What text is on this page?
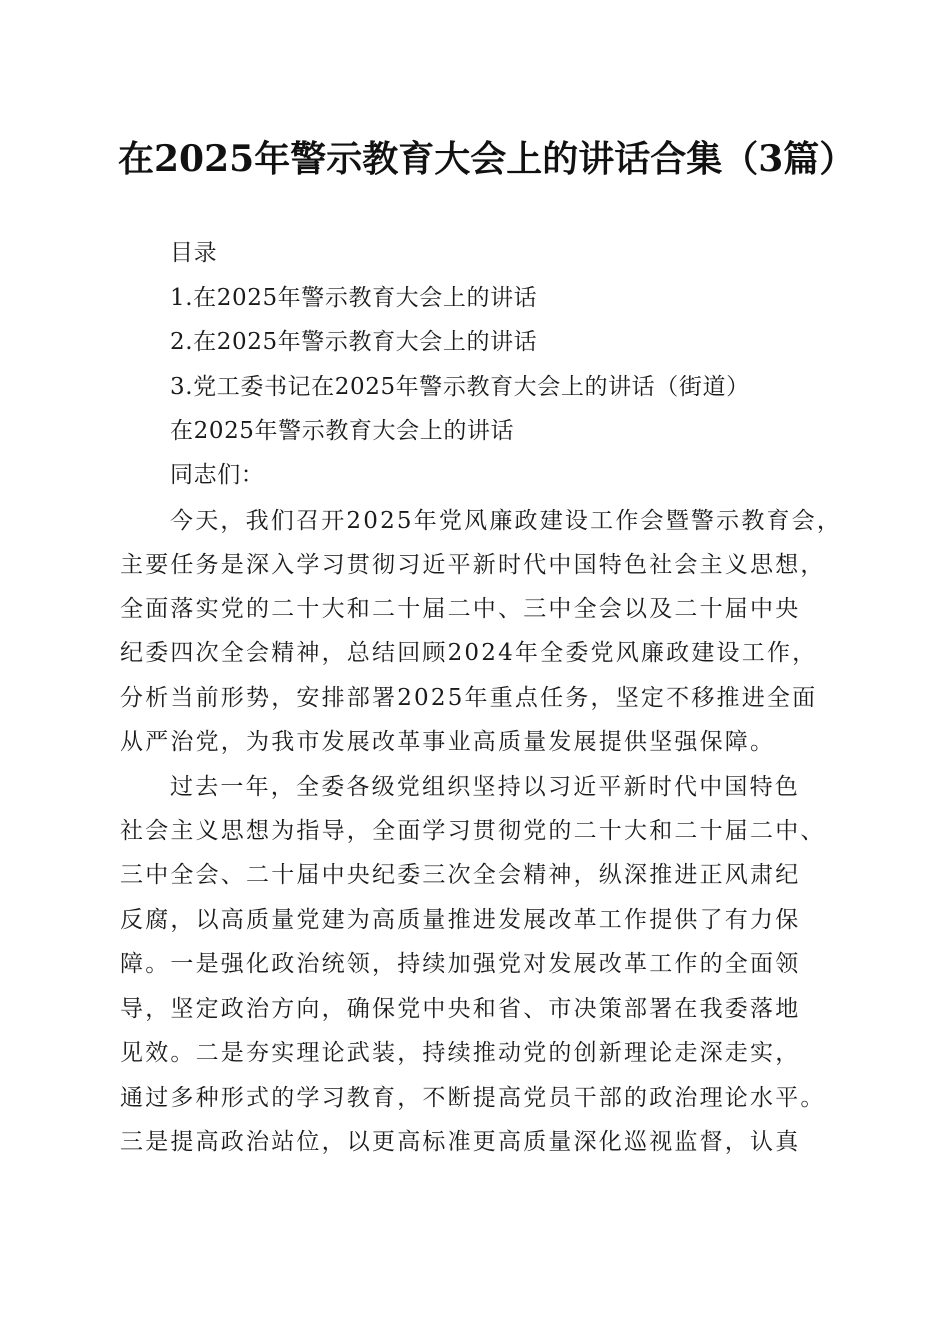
在2025年警示教育大会上的讲话合集（3篇）
目录
1.在2025年警示教育大会上的讲话
2.在2025年警示教育大会上的讲话
3.党工委书记在2025年警示教育大会上的讲话（街道）
在2025年警示教育大会上的讲话
同志们：
今天，我们召开2025年党风廉政建设工作会暨警示教育会，
主要任务是深入学习贯彻习近平新时代中国特色社会主义思想，
全面落实党的二十大和二十届二中、三中全会以及二十届中央
纪委四次全会精神，总结回顾2024年全委党风廉政建设工作，
分析当前形势，安排部署2025年重点任务，坚定不移推进全面
从严治党，为我市发展改革事业高质量发展提供坚强保障。
过去一年，全委各级党组织坚持以习近平新时代中国特色
社会主义思想为指导，全面学习贯彻党的二十大和二十届二中、
三中全会、二十届中央纪委三次全会精神，纵深推进正风肃纪
反腐，以高质量党建为高质量推进发展改革工作提供了有力保
障。一是强化政治统领，持续加强党对发展改革工作的全面领
导，坚定政治方向，确保党中央和省、市决策部署在我委落地
见效。二是夯实理论武装，持续推动党的创新理论走深走实，
通过多种形式的学习教育，不断提高党员干部的政治理论水平。
三是提高政治站位，以更高标准更高质量深化巡视监督，认真
